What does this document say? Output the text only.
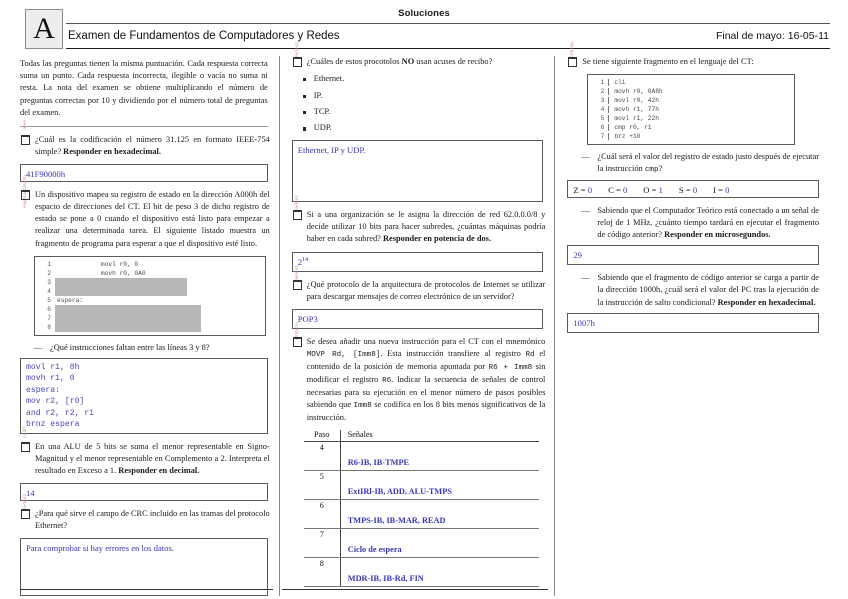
Soluciones
A	Examen de Fundamentos de Computadores y Redes	Final de mayo: 16-05-11
Todas las preguntas tienen la misma puntuación. Cada respuesta correcta suma un punto. Cada respuesta incorrecta, ilegible o vacía no suma ni resta. La nota del examen se obtiene multiplicando el número de preguntas correctas por 10 y dividiendo por el número total de preguntas del examen.
ieee
¿Cuál es la codificación el número 31.125 en formato IEEE-754 simple? Responder en hexadecimal.
41F90000h
espera/ct/salto Un dispositivo mapea su registro de estado en la dirección A000h del espacio de direcciones del CT. El bit de peso 3 de dicho registro de estado se pone a 0 cuando el dispositivo está listo para empezar a realizar una determinada tarea. El siguiente listado muestra un fragmento de programa para esperar a que el dispositivo esté listo.
1	movl r0, 0
2	movh r0, 0A0
3
4
5 espera:
6
7
8
— ¿Qué instrucciones faltan entre las líneas 3 y 8?
movl r1, 8h
movh r1, 0
espera:
mov r2, [r0]
and r2, r2, r1
brnz espera
codif
En una ALU de 5 bits se suma el menor representable en Signo-Magnitud y el menor representable en Complemento a 2. Interpreta el resultado en Exceso a 1. Responder en decimal.
14
redes3
¿Para qué sirve el campo de CRC incluido en las tramas del protocolo Ethernet?
Para comprobar si hay errores en los datos.
redes4
¿Cuáles de estos procotolos NO usan acuses de recibo?
Ethernet.
IP.
TCP.
UDP.
Ethernet, IP y UDP.
redes2
Si a una organización se le asigna la dirección de red 62.0.0.0/8 y decide utilizar 10 bits para hacer subredes, ¿cuántas máquinas podría haber en cada subred? Responder en potencia de dos.
$2^{14}$
redes1
¿Qué protocolo de la arquitectura de protocolos de Internet se utilizar para descargar mensajes de correo electrónico de un servidor?
POP3
ct/micro
Se desea añadir una nueva instrucción para el CT con el mnemónico MOVP Rd, [Imm8]. Esta instrucción transfiere al registro Rd el contenido de la posición de memoria apuntada por R6 + Imm8 sin modificar el registro R6. Indicar la secuencia de señales de control necesarias para su ejecución en el menor número de pasos posibles sabiendo que Imm8 se codifica en los 8 bits menos significativos de la instrucción.
Paso	Señales
4	R6-IB, IB-TMPE
5	ExtIRl-IB, ADD, ALU-TMPS
6	TMPS-IB, IB-MAR, READ
7	Ciclo de espera
8	MDR-IB, IB-Rd, FIN
ct/prog
Se tiene siguiente fragmento en el lenguaje del CT:
1	cli
2	movh r0, 0A8h
3	movl r0, 42h
4	movh r1, 77h
5	movl r1, 22h
6	cmp r0, r1
7	brz +10
— ¿Cuál será el valor del registro de estado justo después de ejecutar la instrucción cmp?
Z = 0 C = 0 O = 1 S = 0 I = 0
— Sabiendo que el Computador Teórico está conectado a un señal de reloj de 1 MHz, ¿cuánto tiempo tardará en ejecutar el fragmento de código anterior? Responder en microsegundos.
29
— Sabiendo que el fragmento de código anterior se carga a partir de la dirección 1000h, ¿cuál será el valor del PC tras la ejecución de la instrucción de salto condicional? Responder en hexadecimal.
1007h
